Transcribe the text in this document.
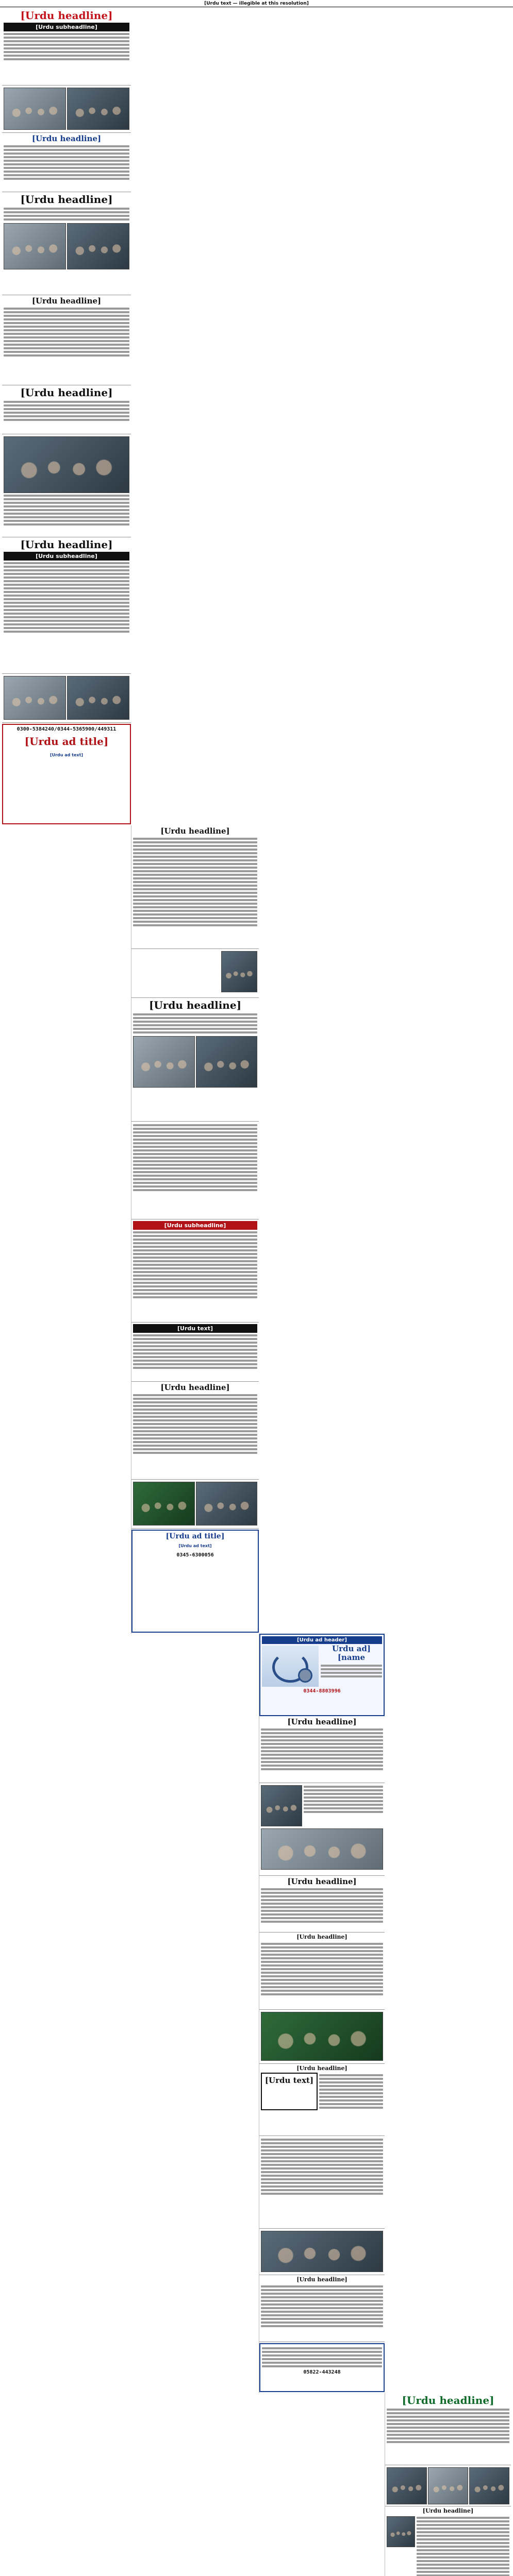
[Urdu text — illegible at this resolution]
[Urdu headline]
[Urdu subheadline]
[Urdu headline]
[Urdu headline]
[Urdu headline]
[Urdu headline]
[Urdu headline]
[Urdu subheadline]
0300-5384240/0344-5365900/449311
[Urdu ad title]
[Urdu ad text]
[Urdu headline]
[Urdu headline]
[Urdu subheadline]
[Urdu text]
[Urdu headline]
[Urdu ad title]
[Urdu ad text]
0345-6300056
[Urdu ad header]
[Urdu ad name]
0344-8803996
[Urdu headline]
[Urdu headline]
[Urdu headline]
[Urdu headline]
[Urdu text]
[Urdu headline]
05822-443248
[Urdu headline]
[Urdu headline]
